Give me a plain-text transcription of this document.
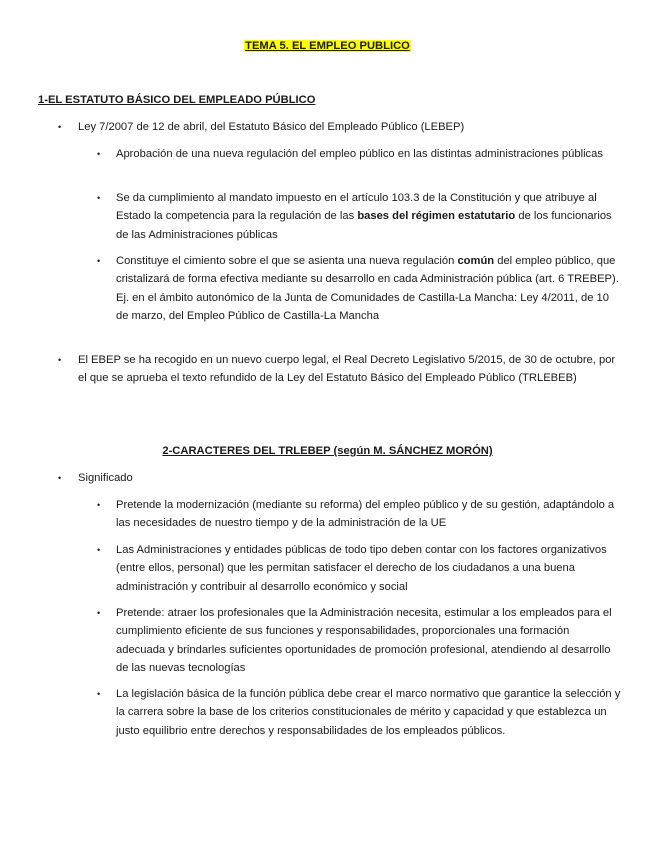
TEMA 5. EL EMPLEO PUBLICO
1-EL ESTATUTO BÁSICO DEL EMPLEADO PÚBLICO
• Ley 7/2007 de 12 de abril, del Estatuto Básico del Empleado Público (LEBEP)
• Aprobación de una nueva regulación del empleo público en las distintas administraciones públicas
• Se da cumplimiento al mandato impuesto en el artículo 103.3 de la Constitución y que atribuye al Estado la competencia para la regulación de las bases del régimen estatutario de los funcionarios de las Administraciones públicas
• Constituye el cimiento sobre el que se asienta una nueva regulación común del empleo público, que cristalizará de forma efectiva mediante su desarrollo en cada Administración pública (art. 6 TREBEP). Ej. en el ámbito autonómico de la Junta de Comunidades de Castilla-La Mancha: Ley 4/2011, de 10 de marzo, del Empleo Público de Castilla-La Mancha
• El EBEP se ha recogido en un nuevo cuerpo legal, el Real Decreto Legislativo 5/2015, de 30 de octubre, por el que se aprueba el texto refundido de la Ley del Estatuto Básico del Empleado Público (TRLEBEB)
2-CARACTERES DEL TRLEBEP (según M. SÁNCHEZ MORÓN)
• Significado
• Pretende la modernización (mediante su reforma) del empleo público y de su gestión, adaptándolo a las necesidades de nuestro tiempo y de la administración de la UE
• Las Administraciones y entidades públicas de todo tipo deben contar con los factores organizativos (entre ellos, personal) que les permitan satisfacer el derecho de los ciudadanos a una buena administración y contribuir al desarrollo económico y social
• Pretende: atraer los profesionales que la Administración necesita, estimular a los empleados para el cumplimiento eficiente de sus funciones y responsabilidades, proporcionales una formación adecuada y brindarles suficientes oportunidades de promoción profesional, atendiendo al desarrollo de las nuevas tecnologías
• La legislación básica de la función pública debe crear el marco normativo que garantice la selección y la carrera sobre la base de los criterios constitucionales de mérito y capacidad y que establezca un justo equilibrio entre derechos y responsabilidades de los empleados públicos.
